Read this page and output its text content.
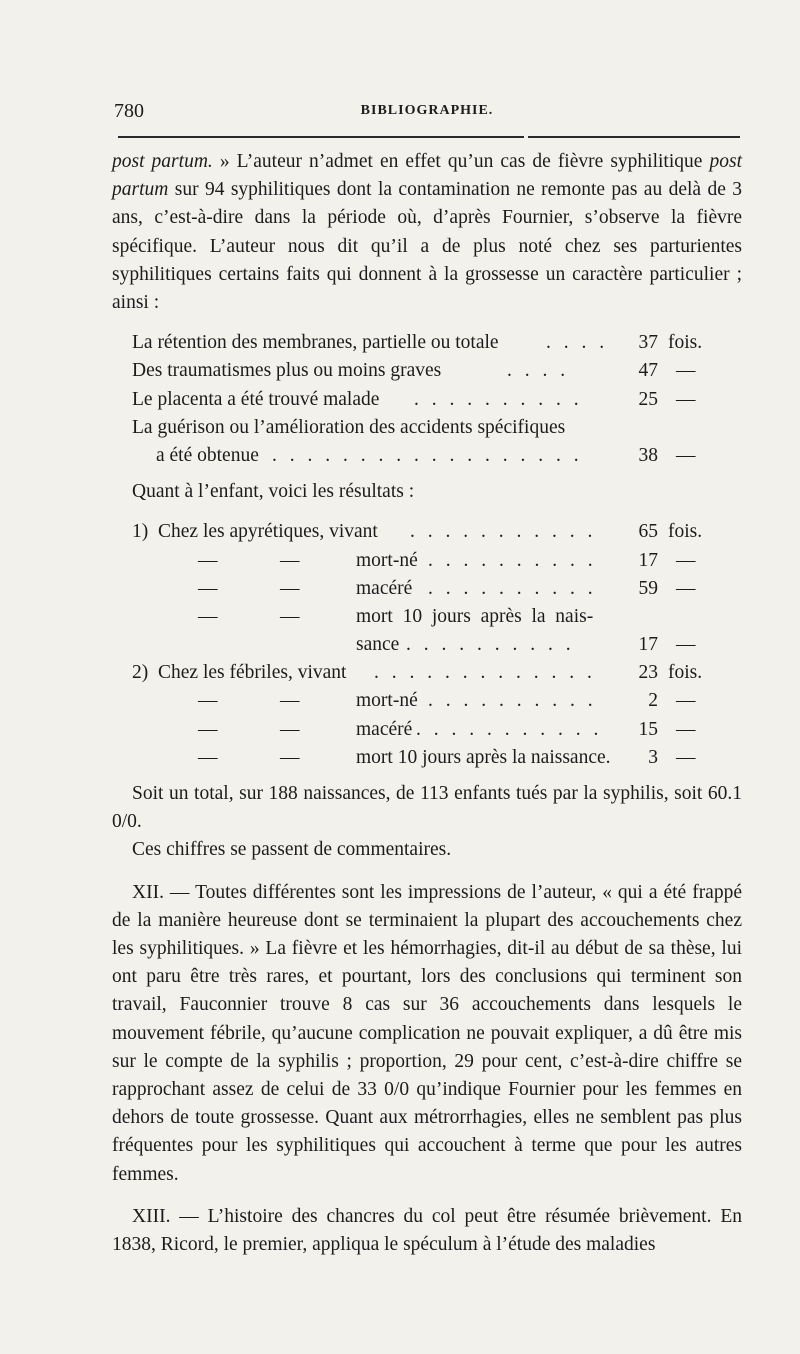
780	BIBLIOGRAPHIE.

post partum. » L’auteur n’admet en effet qu’un cas de fièvre syphilitique post partum sur 94 syphilitiques dont la contamination ne remonte pas au delà de 3 ans, c’est-à-dire dans la période où, d’après Fournier, s’observe la fièvre spécifique. L’auteur nous dit qu’il a de plus noté chez ses parturientes syphilitiques certains faits qui donnent à la grossesse un caractère particulier ; ainsi :

La rétention des membranes, partielle ou totale . . . .	37 fois.
Des traumatismes plus ou moins graves	. . . .	47 —
Le placenta a été trouvé malade . . . . . . . . . .	25 —
La guérison ou l’amélioration des accidents spécifiques
a été obtenue . . . . . . . . . . . . . . . . . .	38 —

Quant à l’enfant, voici les résultats :

1) Chez les apyrétiques, vivant . . . . . . . . . . .	65 fois.
—	—	mort-né . . . . . . . . . .	17 —
—	—	macéré . . . . . . . . . .	59 —
—	—	mort  10  jours  après  la  nais-
sance . . . . . . . . . .	17 —
2) Chez les fébriles, vivant . . . . . . . . . . . . .	23 fois.
—	—	mort-né . . . . . . . . . .	2 —
—	—	macéré . . . . . . . . . . .	15 —
—	—	mort 10 jours après la naissance.	3 —

Soit un total, sur 188 naissances, de 113 enfants tués par la syphilis, soit 60.1 0/0.

Ces chiffres se passent de commentaires.

XII. — Toutes différentes sont les impressions de l’auteur, « qui a été frappé de la manière heureuse dont se terminaient la plupart des accouchements chez les syphilitiques. » La fièvre et les hémorrhagies, dit-il au début de sa thèse, lui ont paru être très rares, et pourtant, lors des conclusions qui terminent son travail, Fauconnier trouve 8 cas sur 36 accouchements dans lesquels le mouvement fébrile, qu’aucune complication ne pouvait expliquer, a dû être mis sur le compte de la syphilis ; proportion, 29 pour cent, c’est-à-dire chiffre se rapprochant assez de celui de 33 0/0 qu’indique Fournier pour les femmes en dehors de toute grossesse. Quant aux métrorrhagies, elles ne semblent pas plus fréquentes pour les syphilitiques qui accouchent à terme que pour les autres femmes.

XIII. — L’histoire des chancres du col peut être résumée brièvement. En 1838, Ricord, le premier, appliqua le spéculum à l’étude des maladies
